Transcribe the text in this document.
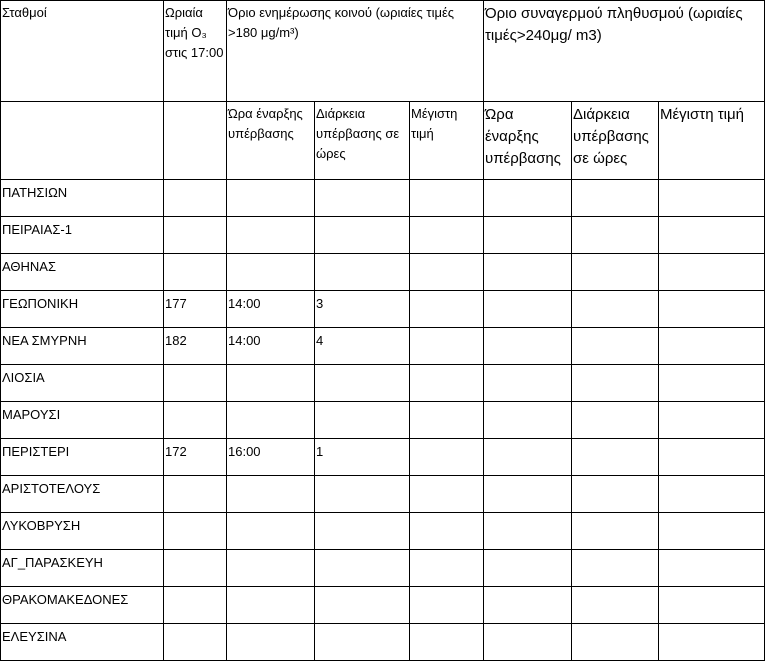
Σταθμοί	Ωριαία τιμή O₃ στις 17:00	Όριο ενημέρωσης κοινού (ωριαίες τιμές >180 μg/m³)			Όριο συναγερμού πληθυσμού (ωριαίες τιμές>240μg/ m3)		
		Ώρα έναρξης υπέρβασης	Διάρκεια υπέρβασης σε ώρες	Μέγιστη τιμή	Ώρα έναρξης υπέρβασης	Διάρκεια υπέρβασης σε ώρες	Μέγιστη τιμή
ΠΑΤΗΣΙΩΝ							
ΠΕΙΡΑΙΑΣ-1							
ΑΘΗΝΑΣ							
ΓΕΩΠΟΝΙΚΗ	177	14:00	3				
ΝΕΑ ΣΜΥΡΝΗ	182	14:00	4				
ΛΙΟΣΙΑ							
ΜΑΡΟΥΣΙ							
ΠΕΡΙΣΤΕΡΙ	172	16:00	1				
ΑΡΙΣΤΟΤΕΛΟΥΣ							
ΛΥΚΟΒΡΥΣΗ							
ΑΓ_ΠΑΡΑΣΚΕΥΗ							
ΘΡΑΚΟΜΑΚΕΔΟΝΕΣ							
ΕΛΕΥΣΙΝΑ							
